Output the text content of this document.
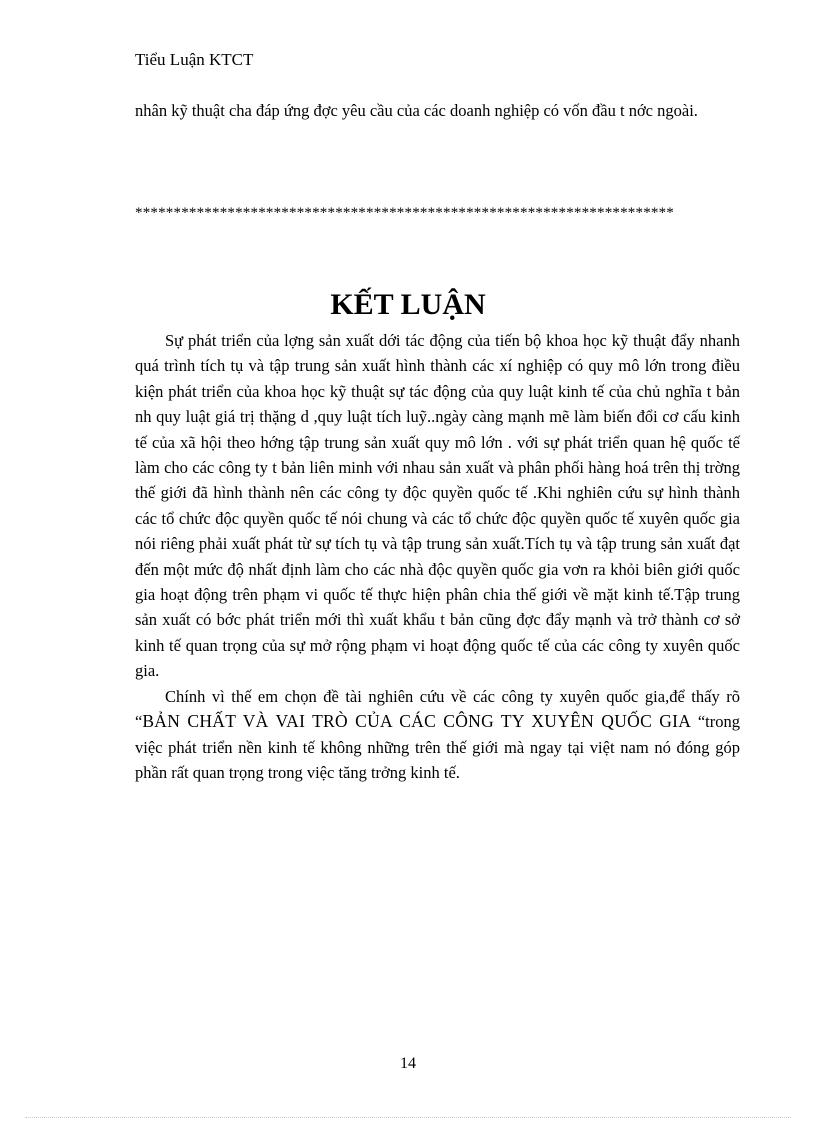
Tiểu Luận KTCT
nhân kỹ thuật cha đáp ứng đợc yêu cầu của các doanh nghiệp có vốn đầu t nớc ngoài.
**********************************************************************
KẾT LUẬN

Sự phát triển của lợng sản xuất dới tác động của tiến bộ khoa học kỹ thuật đẩy nhanh quá trình tích tụ và tập trung sản xuất hình thành các xí nghiệp có quy mô lớn trong điều kiện phát triển của khoa học kỹ thuật sự tác động của quy luật kinh tế của chủ nghĩa t bản nh quy luật giá trị thặng d ,quy luật tích luỹ..ngày càng mạnh mẽ làm biến đổi cơ cấu kinh tế của xã hội theo hớng tập trung sản xuất quy mô lớn . với sự phát triển quan hệ quốc tế làm cho các công ty t bản liên minh với nhau sản xuất và phân phối hàng hoá trên thị trờng thế giới đã hình thành nên các công ty độc quyền quốc tế .Khi nghiên cứu sự hình thành các tổ chức độc quyền quốc tế nói chung và các tổ chức độc quyền quốc tế xuyên quốc gia nói riêng phải xuất phát từ sự tích tụ và tập trung sản xuất.Tích tụ và tập trung sản xuất đạt đến một mức độ nhất định làm cho các nhà độc quyền quốc gia vơn ra khỏi biên giới quốc gia hoạt động trên phạm vi quốc tế thực hiện phân chia thế giới về mặt kinh tế.Tập trung sản xuất có bớc phát triển mới thì xuất khẩu t bản cũng đợc đẩy mạnh và trở thành cơ sở kinh tế quan trọng của sự mở rộng phạm vi hoạt động quốc tế của các công ty xuyên quốc gia.

Chính vì thế em chọn đề tài nghiên cứu về các công ty xuyên quốc gia,để thấy rõ “BẢN CHẤT VÀ VAI TRÒ CỦA CÁC CÔNG TY XUYÊN QUỐC GIA “trong việc phát triển nền kinh tế không những trên thế giới mà ngay tại việt nam nó đóng góp phần rất quan trọng trong việc tăng trởng kinh tế.

14
